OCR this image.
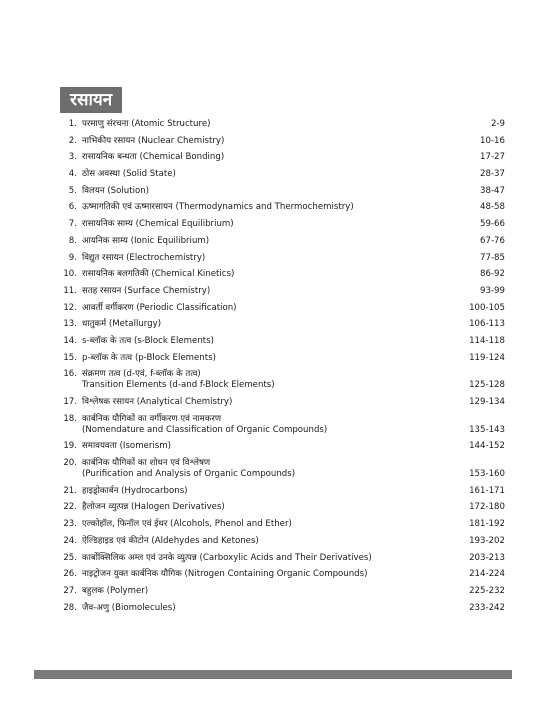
रसायन
1. परमाणु संरचना (Atomic Structure)	2-9
2. नाभिकीय रसायन (Nuclear Chemistry)	10-16
3. रासायनिक बन्धता (Chemical Bonding)	17-27
4. ठोस अवस्था (Solid State)	28-37
5. विलयन (Solution)	38-47
6. ऊष्मागतिकी एवं ऊष्मारसायन (Thermodynamics and Thermochemistry)	48-58
7. रासायनिक साम्य (Chemical Equilibrium)	59-66
8. आयनिक साम्य (Ionic Equilibrium)	67-76
9. विद्युत रसायन (Electrochemistry)	77-85
10. रासायनिक बलगतिकी (Chemical Kinetics)	86-92
11. सतह रसायन (Surface Chemistry)	93-99
12. आवर्ती वर्गीकरण (Periodic Classification)	100-105
13. धातुकर्म (Metallurgy)	106-113
14. s-ब्लॉक के तत्व (s-Block Elements)	114-118
15. p-ब्लॉक के तत्व (p-Block Elements)	119-124
16. संक्रमण तत्व (d-एवं, f-ब्लॉक के तत्व)
Transition Elements (d-and f-Block Elements)	125-128
17. विश्लेषक रसायन (Analytical Chemistry)	129-134
18. कार्बनिक यौगिकों का वर्गीकरण एवं नामकरण
(Nomendature and Classification of Organic Compounds)	135-143
19. समावयवता (Isomerism)	144-152
20. कार्बनिक यौगिकों का शोधन एवं विश्लेषण
(Purification and Analysis of Organic Compounds)	153-160
21. हाइड्रोकार्बन (Hydrocarbons)	161-171
22. हैलोजन व्युत्पन्न (Halogen Derivatives)	172-180
23. एल्कोहॉल, फिनॉल एवं ईथर (Alcohols, Phenol and Ether)	181-192
24. ऐल्डिहाइड एवं कीटोन (Aldehydes and Ketones)	193-202
25. कार्बोक्सिलिक अम्ल एवं उनके व्युत्पन्न (Carboxylic Acids and Their Derivatives)	203-213
26. नाइट्रोजन युक्त कार्बनिक यौगिक (Nitrogen Containing Organic Compounds)	214-224
27. बहुलक (Polymer)	225-232
28. जैव-अणु (Biomolecules)	233-242
